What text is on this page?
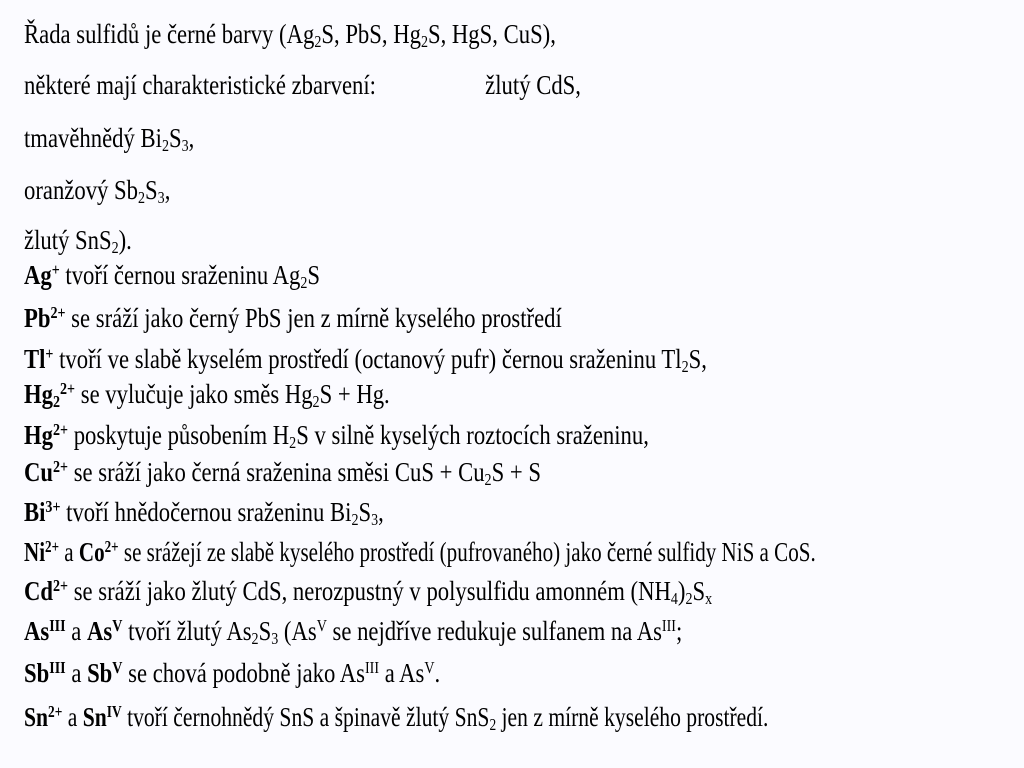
Řada sulfidů je černé barvy ($Ag_2S$, PbS, $Hg_2S$, HgS, CuS),
některé mají charakteristické zbarvení:	žlutý CdS,
tmavěhnědý $Bi_2S_3$,
oranžový $Sb_2S_3$,
žlutý SnS$_2$).
Ag+ tvoří černou sraženinu $Ag_2S$
$Pb^{2+}$ se sráží jako černý PbS jen z mírně kyselého prostředí
Tl+ tvoří ve slabě kyselém prostředí (octanový pufr) černou sraženinu $Tl_2S$,
$Hg_2^{2+}$ se vylučuje jako směs $Hg_2S + Hg$.
$Hg^{2+}$ poskytuje působením $H_2S$ v silně kyselých roztocích sraženinu,
$Cu^{2+}$ se sráží jako černá sraženina směsi CuS + $Cu_2S + S$
$Bi^{3+}$ tvoří hnědočernou sraženinu $Bi_2S_3$,
$Ni^{2+}$ a $Co^{2+}$ se srážejí ze slabě kyselého prostředí (pufrovaného) jako černé sulfidy NiS a CoS.
$Cd^{2+}$ se sráží jako žlutý CdS, nerozpustný v polysulfidu amonném $(NH_4)_2S_x$
$As^{III}$ a $As^V$ tvoří žlutý $As_2S_3$ ($As^V$ se nejdříve redukuje sulfanem na $As^{III}$;
$Sb^{III}$ a $Sb^V$ se chová podobně jako $As^{III}$ a $As^V$.
$Sn^{2+}$ a $Sn^{IV}$ tvoří černohnědý SnS a špinavě žlutý SnS$_2$ jen z mírně kyselého prostředí.
